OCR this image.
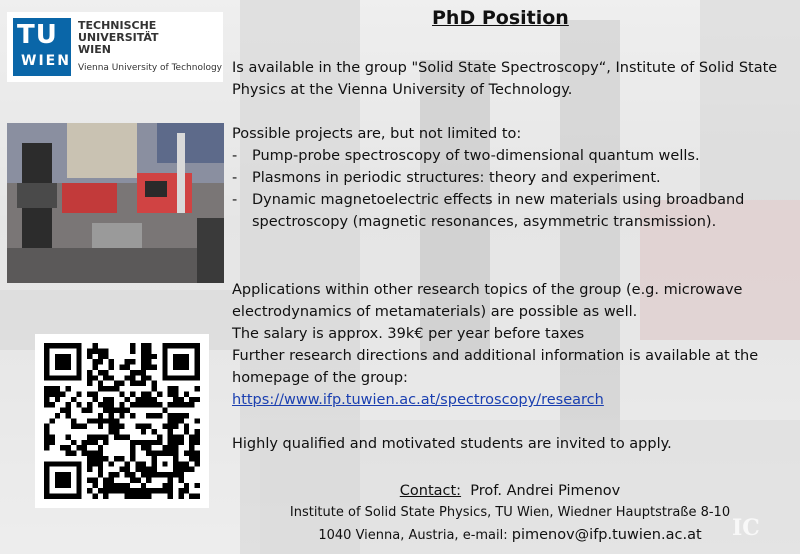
TU
WIEN
TECHNISCHE
UNIVERSITÄT
WIEN
Vienna University of Technology
PhD Position
Is available in the group "Solid State Spectroscopy“, Institute of Solid State Physics at the Vienna University of Technology.
Possible projects are, but not limited to:
- Pump-probe spectroscopy of two-dimensional quantum wells.
- Plasmons in periodic structures: theory and experiment.
- Dynamic magnetoelectric effects in new materials using broadband spectroscopy (magnetic resonances, asymmetric transmission).
Applications within other research topics of the group (e.g. microwave electrodynamics of metamaterials) are possible as well.
The salary is approx. 39k€ per year before taxes
Further research directions and additional information is available at the homepage of the group:
https://www.ifp.tuwien.ac.at/spectroscopy/research
Highly qualified and motivated students are invited to apply.
Contact: Prof. Andrei Pimenov
Institute of Solid State Physics, TU Wien, Wiedner Hauptstraße 8-10
1040 Vienna, Austria, e-mail: pimenov@ifp.tuwien.ac.at	IC
